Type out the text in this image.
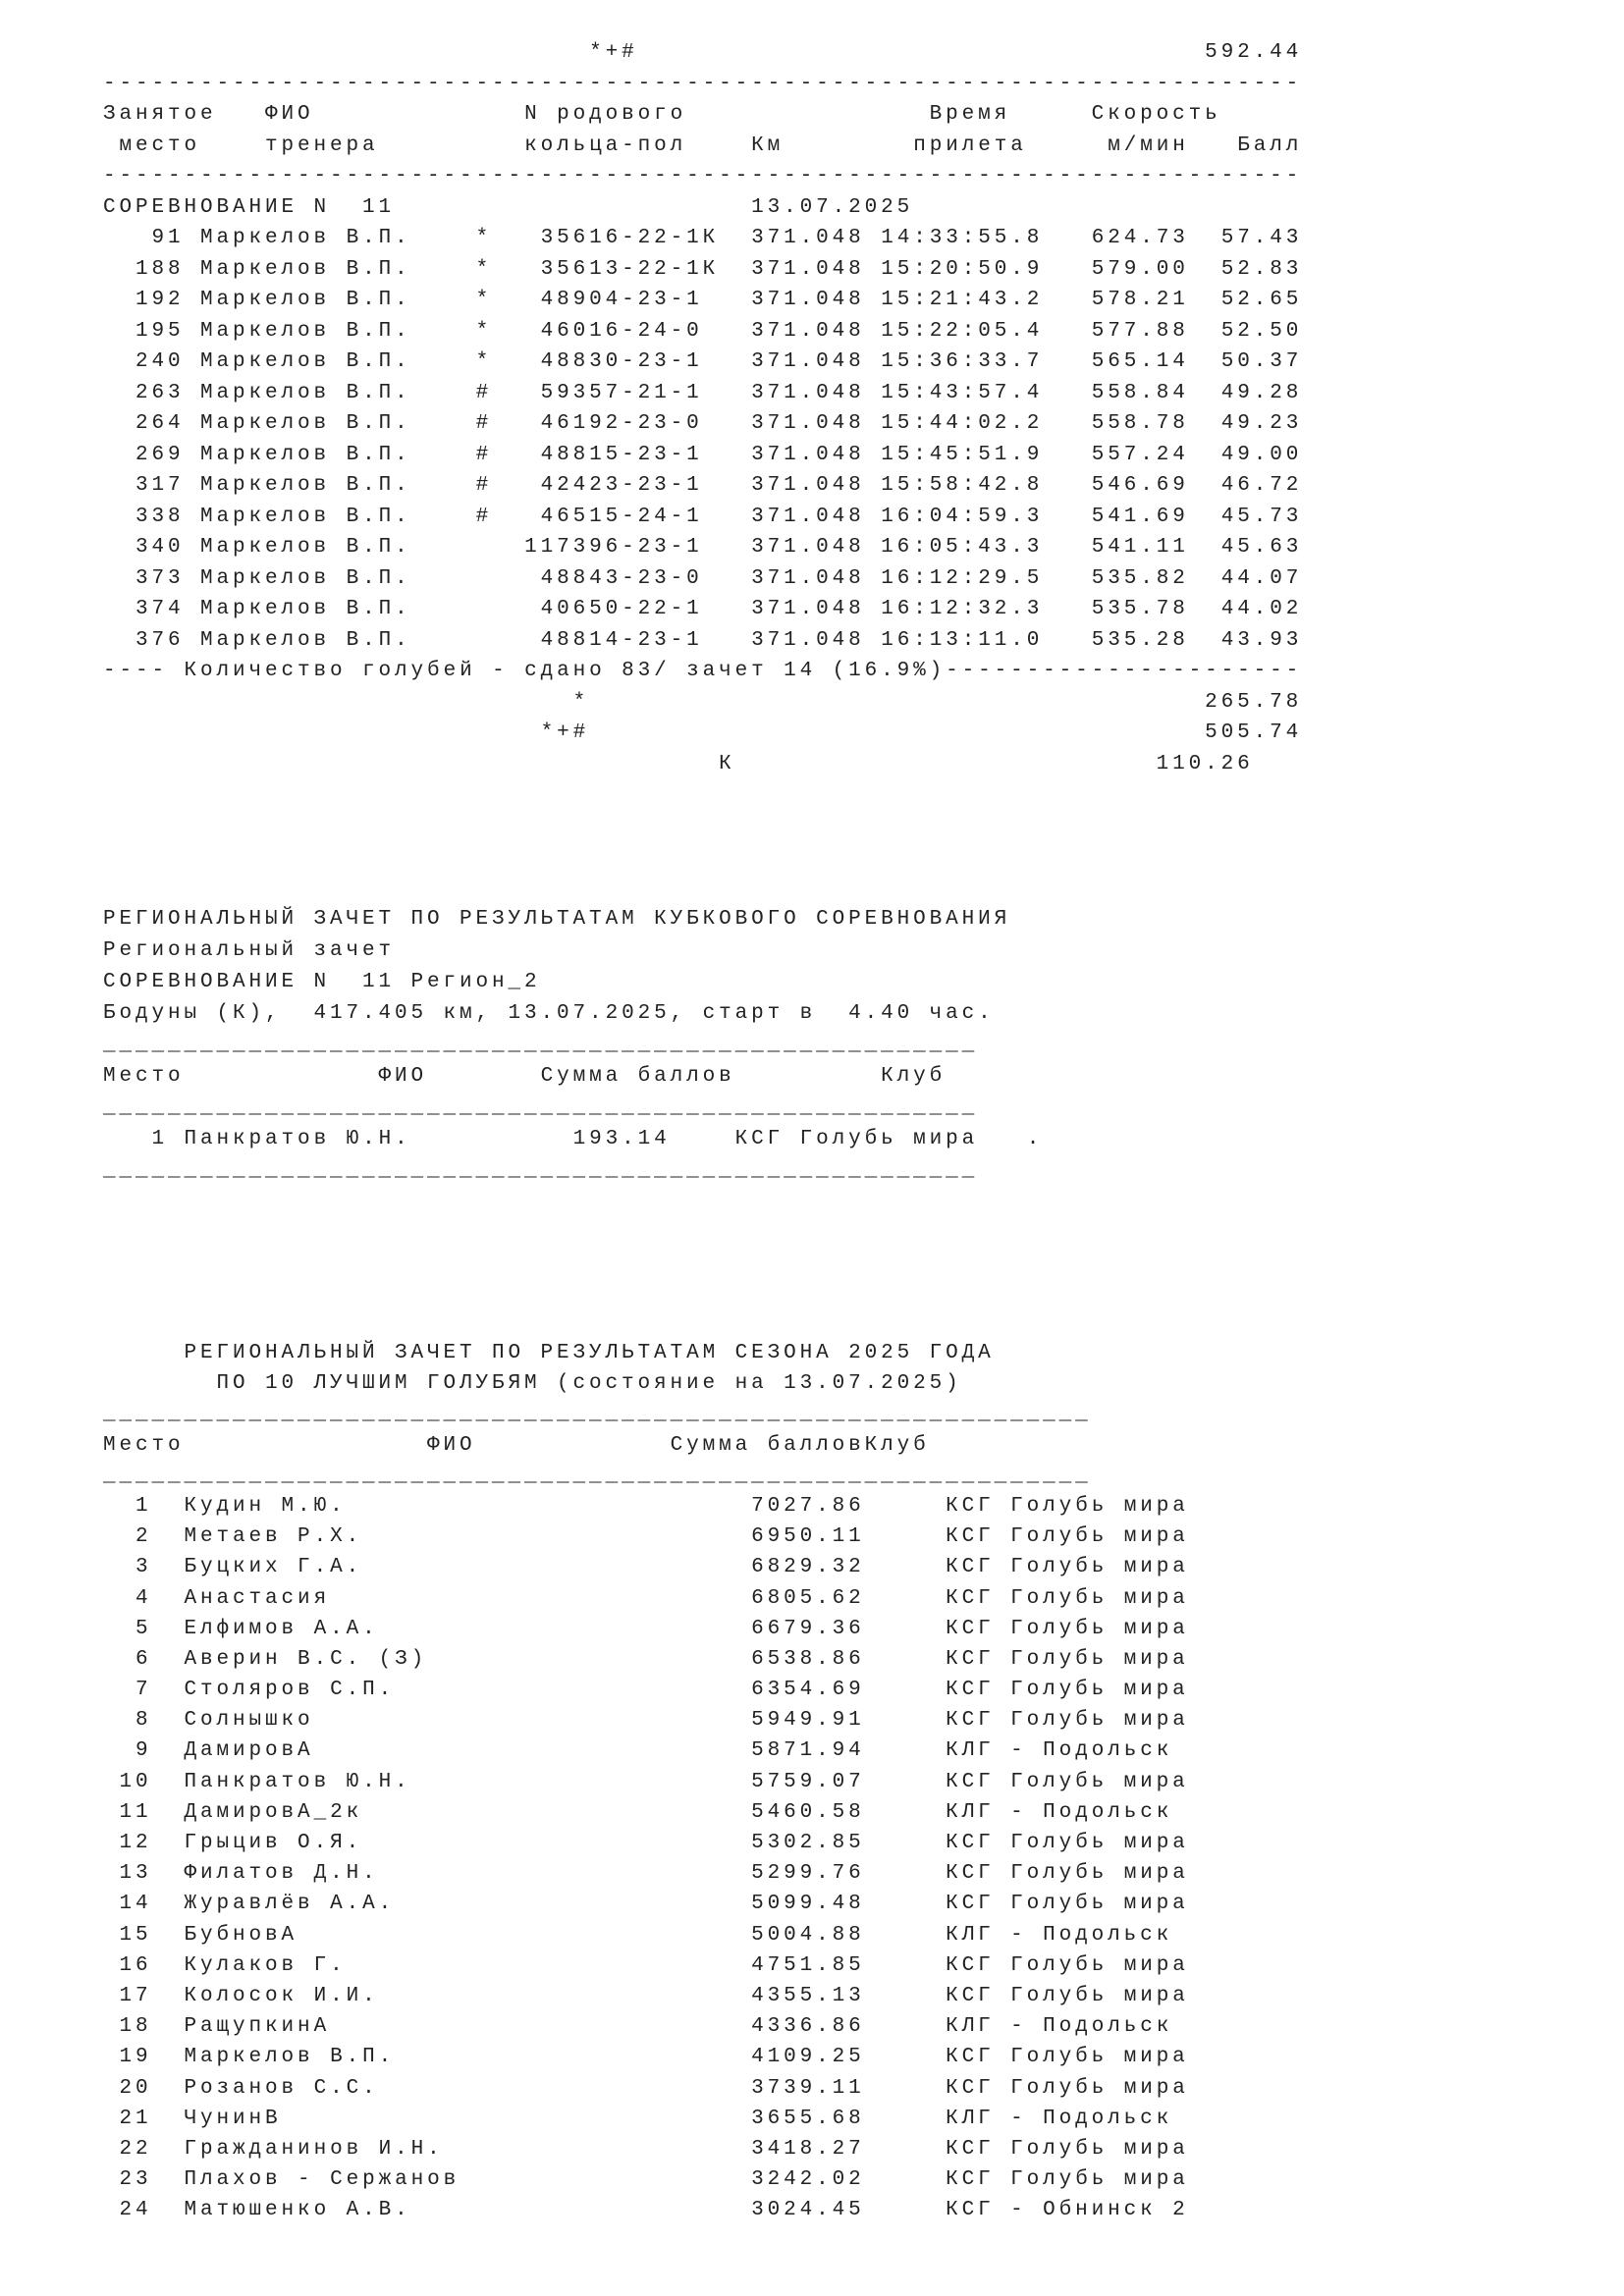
*+#	592.44
--------------------------------------------------------------------------
Занятое ФИО	N родового	Время	Скорость
место	тренера	кольца-пол	Км	прилета	м/мин Балл
--------------------------------------------------------------------------
СОРЕВНОВАНИЕ N  11	13.07.2025
91 Маркелов В.П.	* 35616-22-1К 371.048 14:33:55.8 624.73 57.43
188 Маркелов В.П.	* 35613-22-1К 371.048 15:20:50.9 579.00 52.83
192 Маркелов В.П.	* 48904-23-1 371.048 15:21:43.2 578.21 52.65
195 Маркелов В.П.	* 46016-24-0 371.048 15:22:05.4 577.88 52.50
240 Маркелов В.П.	* 48830-23-1 371.048 15:36:33.7 565.14 50.37
263 Маркелов В.П.	# 59357-21-1 371.048 15:43:57.4 558.84 49.28
264 Маркелов В.П.	# 46192-23-0 371.048 15:44:02.2 558.78 49.23
269 Маркелов В.П.	# 48815-23-1 371.048 15:45:51.9 557.24 49.00
317 Маркелов В.П.	# 42423-23-1 371.048 15:58:42.8 546.69 46.72
338 Маркелов В.П.	# 46515-24-1 371.048 16:04:59.3 541.69 45.73
340 Маркелов В.П.	117396-23-1 371.048 16:05:43.3 541.11 45.63
373 Маркелов В.П.	48843-23-0 371.048 16:12:29.5 535.82 44.07
374 Маркелов В.П.	40650-22-1 371.048 16:12:32.3 535.78 44.02
376 Маркелов В.П.	48814-23-1 371.048 16:13:11.0 535.28 43.93
---- Количество голубей - сдано 83/ зачет 14 (16.9%)----------------------
*	265.78
*+#	505.74
К	110.26
РЕГИОНАЛЬНЫЙ ЗАЧЕТ ПО РЕЗУЛЬТАТАМ КУБКОВОГО СОРЕВНОВАНИЯ
Региональный зачет
СОРЕВНОВАНИЕ N  11 Регион_2
Бодуны (К),  417.405 км, 13.07.2025, старт в  4.40 час.
______________________________________________________
Место	ФИО	Сумма баллов	Клуб
______________________________________________________
1 Панкратов Ю.Н.	193.14	КСГ Голубь мира .
______________________________________________________
РЕГИОНАЛЬНЫЙ ЗАЧЕТ ПО РЕЗУЛЬТАТАМ СЕЗОНА 2025 ГОДА
ПО 10 ЛУЧШИМ ГОЛУБЯМ (состояние на 13.07.2025)
_____________________________________________________________
Место	ФИО	Сумма балловКлуб
_____________________________________________________________
1 Кудин М.Ю.	7027.86	КСГ Голубь мира
2 Метаев Р.Х.	6950.11	КСГ Голубь мира
3 Буцких Г.А.	6829.32	КСГ Голубь мира
4 Анастасия	6805.62	КСГ Голубь мира
5 Елфимов А.А.	6679.36	КСГ Голубь мира
6 Аверин В.С. (З)	6538.86	КСГ Голубь мира
7 Столяров С.П.	6354.69	КСГ Голубь мира
8 Солнышко	5949.91	КСГ Голубь мира
9 ДамировА	5871.94	КЛГ - Подольск
10 Панкратов Ю.Н.	5759.07	КСГ Голубь мира
11 ДамировА_2к	5460.58	КЛГ - Подольск
12 Грыцив О.Я.	5302.85	КСГ Голубь мира
13 Филатов Д.Н.	5299.76	КСГ Голубь мира
14 Журавлёв А.А.	5099.48	КСГ Голубь мира
15 БубновА	5004.88	КЛГ - Подольск
16 Кулаков Г.	4751.85	КСГ Голубь мира
17 Колосок И.И.	4355.13	КСГ Голубь мира
18 РащупкинА	4336.86	КЛГ - Подольск
19 Маркелов В.П.	4109.25	КСГ Голубь мира
20 Розанов С.С.	3739.11	КСГ Голубь мира
21 ЧунинВ	3655.68	КЛГ - Подольск
22 Гражданинов И.Н.	3418.27	КСГ Голубь мира
23 Плахов - Сержанов	3242.02	КСГ Голубь мира
24 Матюшенко А.В.	3024.45	КСГ - Обнинск 2
